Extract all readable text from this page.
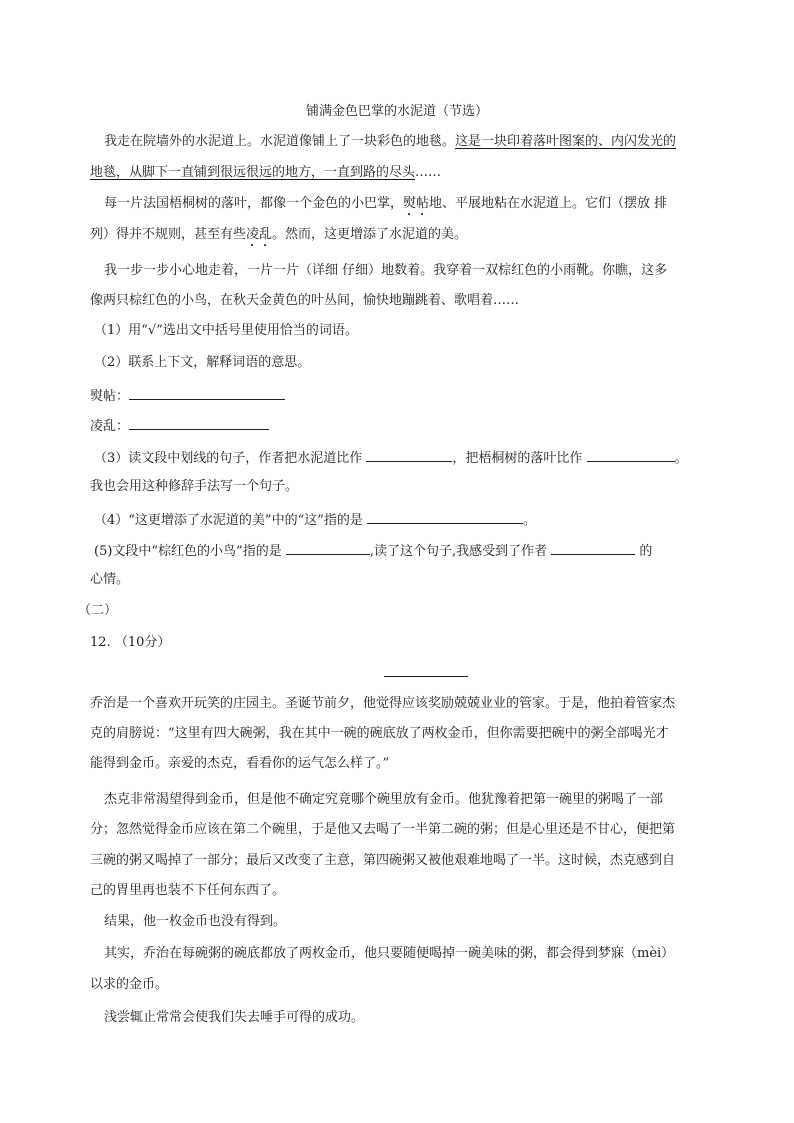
铺满金色巴掌的水泥道（节选）
我走在院墙外的水泥道上。水泥道像铺上了一块彩色的地毯。这是一块印着落叶图案的、内闪发光的
地毯，从脚下一直铺到很远很远的地方，一直到路的尽头……
每一片法国梧桐树的落叶，都像一个金色的小巴掌，熨帖地、平展地粘在水泥道上。它们（摆放 排
列）得并不规则，甚至有些凌乱。然而，这更增添了水泥道的美。
我一步一步小心地走着，一片一片（详细 仔细）地数着。我穿着一双棕红色的小雨靴。你瞧，这多
像两只棕红色的小鸟，在秋天金黄色的叶丛间，愉快地蹦跳着、歌唱着……
（1）用“√”选出文中括号里使用恰当的词语。
（2）联系上下文，解释词语的意思。
熨帖：
凌乱：
（3）读文段中划线的句子，作者把水泥道比作	，把梧桐树的落叶比作	。
我也会用这种修辞手法写一个句子。
（4）“这更增添了水泥道的美”中的“这”指的是	。
(5)文段中“棕红色的小鸟”指的是	,读了这个句子,我感受到了作者	的
心情。
（二）
12. （10分）
乔治是一个喜欢开玩笑的庄园主。圣诞节前夕，他觉得应该奖励兢兢业业的管家。于是，他拍着管家杰
克的肩膀说：“这里有四大碗粥，我在其中一碗的碗底放了两枚金币，但你需要把碗中的粥全部喝光才
能得到金币。亲爱的杰克，看看你的运气怎么样了。”
杰克非常渴望得到金币，但是他不确定究竟哪个碗里放有金币。他犹豫着把第一碗里的粥喝了一部
分；忽然觉得金币应该在第二个碗里，于是他又去喝了一半第二碗的粥；但是心里还是不甘心，便把第
三碗的粥又喝掉了一部分；最后又改变了主意，第四碗粥又被他艰难地喝了一半。这时候，杰克感到自
己的胃里再也装不下任何东西了。
结果，他一枚金币也没有得到。
其实，乔治在每碗粥的碗底都放了两枚金币，他只要随便喝掉一碗美味的粥，都会得到梦寐（mèi）
以求的金币。
浅尝辄止常常会使我们失去唾手可得的成功。
